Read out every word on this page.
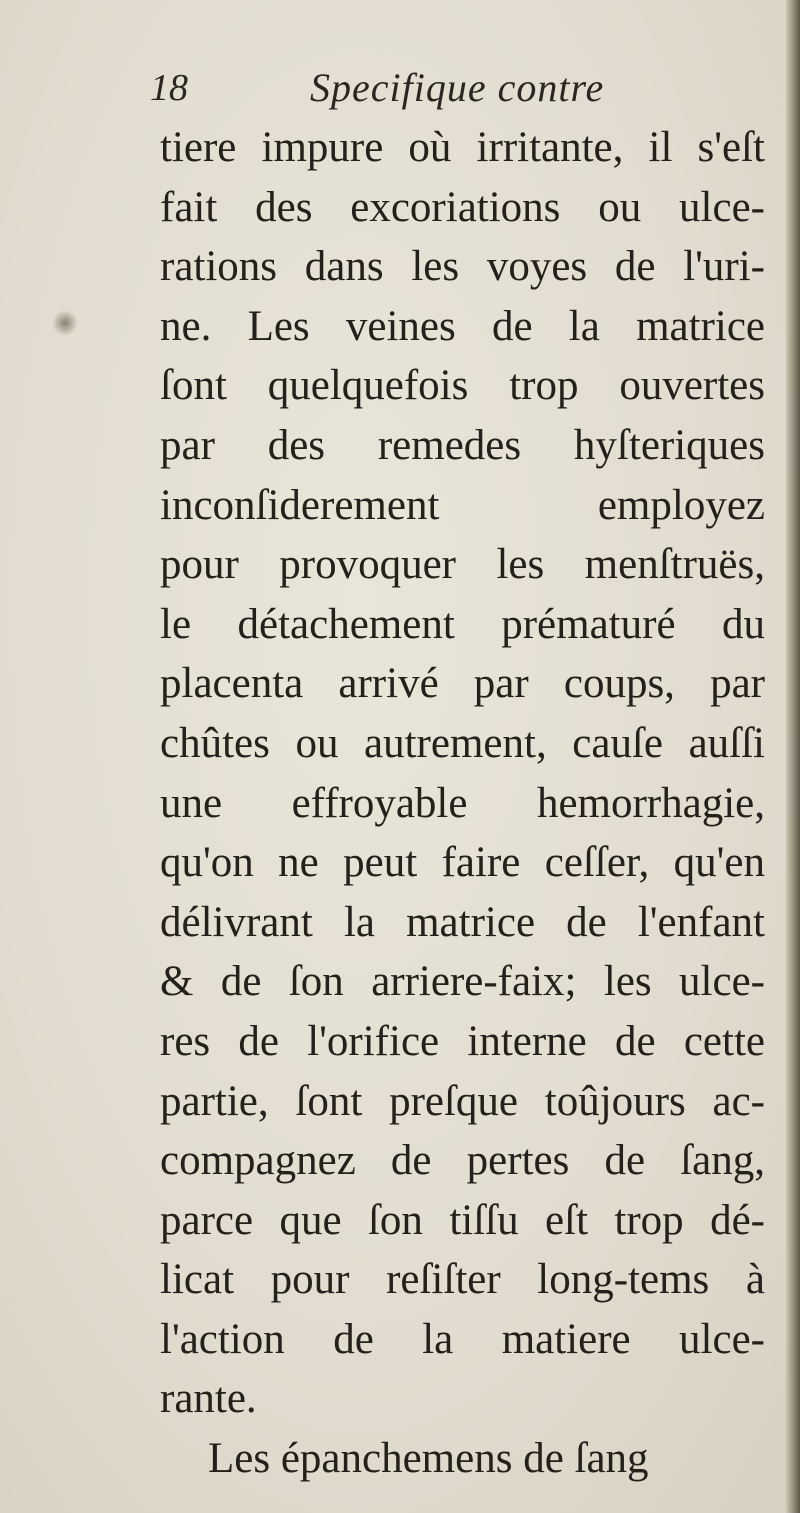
18	Specifique contre
tiere impure où irritante, il s'eſt
fait des excoriations ou ulce-
rations dans les voyes de l'uri-
ne. Les veines de la matrice
ſont quelquefois trop ouvertes
par des remedes hyſteriques
inconſiderement employez
pour provoquer les menſtruës,
le détachement prématuré du
placenta arrivé par coups, par
chûtes ou autrement, cauſe auſſi
une effroyable hemorrhagie,
qu'on ne peut faire ceſſer, qu'en
délivrant la matrice de l'enfant
& de ſon arriere-faix; les ulce-
res de l'orifice interne de cette
partie, ſont preſque toûjours ac-
compagnez de pertes de ſang,
parce que ſon tiſſu eſt trop dé-
licat pour reſiſter long-tems à
l'action de la matiere ulce-
rante.
Les épanchemens de ſang
